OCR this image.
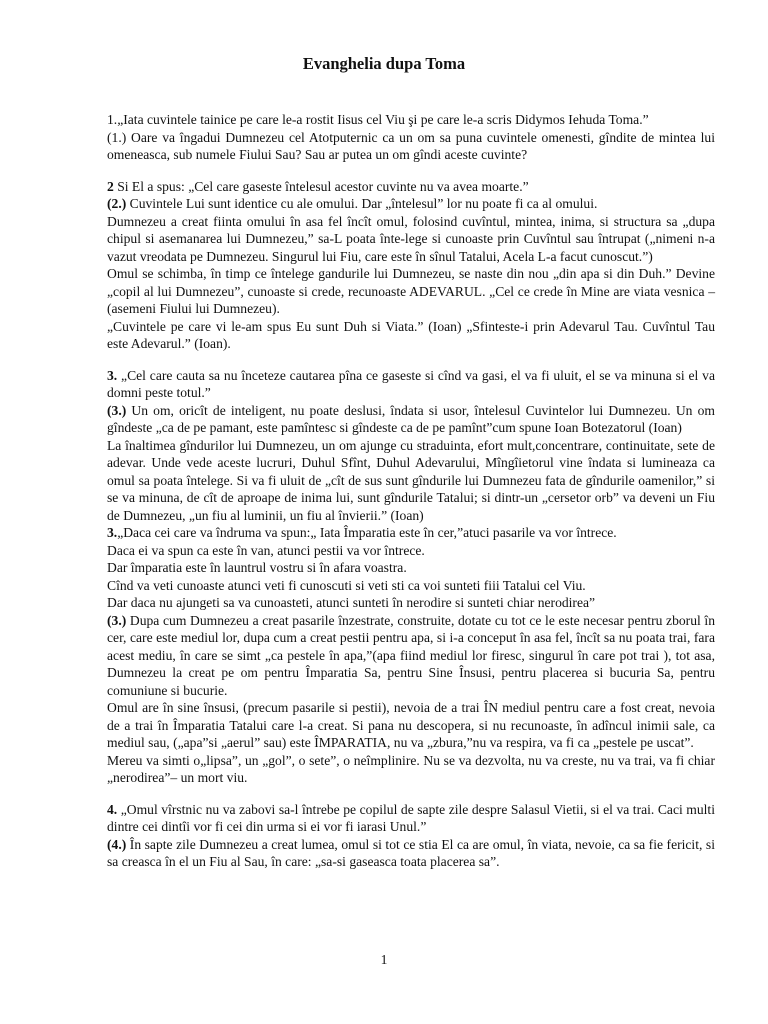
Evanghelia dupa Toma

1.„Iata cuvintele tainice pe care le-a rostit Iisus cel Viu şi pe care le-a scris Didymos Iehuda Toma.”

(1.) Oare va îngadui Dumnezeu cel Atotputernic ca un om sa puna cuvintele omenesti, gîndite de mintea lui omeneasca, sub numele Fiului Sau? Sau ar putea un om gîndi aceste cuvinte?

2 Si El a spus: „Cel care gaseste întelesul acestor cuvinte nu va avea moarte.”

(2.) Cuvintele Lui sunt identice cu ale omului. Dar „întelesul” lor nu poate fi ca al omului.

Dumnezeu a creat fiinta omului în asa fel încît omul, folosind cuvîntul, mintea, inima, si structura sa „dupa chipul si asemanarea lui Dumnezeu,” sa-L poata înte-lege si cunoaste prin Cuvîntul sau întrupat („nimeni n-a vazut vreodata pe Dumnezeu. Singurul lui Fiu, care este în sînul Tatalui, Acela L-a facut cunoscut.”)

Omul se schimba, în timp ce întelege gandurile lui Dumnezeu, se naste din nou „din apa si din Duh.” Devine „copil al lui Dumnezeu”, cunoaste si crede, recunoaste ADEVARUL. „Cel ce crede în Mine are viata vesnica –(asemeni Fiului lui Dumnezeu).

„Cuvintele pe care vi le-am spus Eu sunt Duh si Viata.” (Ioan) „Sfinteste-i prin Adevarul Tau. Cuvîntul Tau este Adevarul.” (Ioan).

3. „Cel care cauta sa nu înceteze cautarea pîna ce gaseste si cînd va gasi, el va fi uluit, el se va minuna si el va domni peste totul.”

(3.) Un om, oricît de inteligent, nu poate deslusi, îndata si usor, întelesul Cuvintelor lui Dumnezeu. Un om gîndeste „ca de pe pamant, este pamîntesc si gîndeste ca de pe pamînt”cum spune Ioan Botezatorul (Ioan)

La înaltimea gîndurilor lui Dumnezeu, un om ajunge cu straduinta, efort mult,concentrare, continuitate, sete de adevar. Unde vede aceste lucruri, Duhul Sfînt, Duhul Adevarului, Mîngîietorul vine îndata si lumineaza ca omul sa poata întelege. Si va fi uluit de „cît de sus sunt gîndurile lui Dumnezeu fata de gîndurile oamenilor,” si se va minuna, de cît de aproape de inima lui, sunt gîndurile Tatalui; si dintr-un „cersetor orb” va deveni un Fiu de Dumnezeu, „un fiu al luminii, un fiu al învierii.” (Ioan)

3.„Daca cei care va îndruma va spun:„ Iata Împaratia este în cer,”atuci pasarile va vor întrece.

Daca ei va spun ca este în van, atunci pestii va vor întrece.

Dar împaratia este în launtrul vostru si în afara voastra.

Cînd va veti cunoaste atunci veti fi cunoscuti si veti sti ca voi sunteti fiii Tatalui cel Viu.

Dar daca nu ajungeti sa va cunoasteti, atunci sunteti în nerodire si sunteti chiar nerodirea”

(3.) Dupa cum Dumnezeu a creat pasarile înzestrate, construite, dotate cu tot ce le este necesar pentru zborul în cer, care este mediul lor, dupa cum a creat pestii pentru apa, si i-a conceput în asa fel, încît sa nu poata trai, fara acest mediu, în care se simt „ca pestele în apa,”(apa fiind mediul lor firesc, singurul în care pot trai ), tot asa, Dumnezeu la creat pe om pentru Împaratia Sa, pentru Sine Însusi, pentru placerea si bucuria Sa, pentru comuniune si bucurie.

Omul are în sine însusi, (precum pasarile si pestii), nevoia de a trai ÎN mediul pentru care a fost creat, nevoia de a trai în Împaratia Tatalui care l-a creat. Si pana nu descopera, si nu recunoaste, în adîncul inimii sale, ca mediul sau, („apa”si „aerul” sau) este ÎMPARATIA, nu va „zbura,”nu va respira, va fi ca „pestele pe uscat”.

Mereu va simti o„lipsa”, un „gol”, o sete”, o neîmplinire. Nu se va dezvolta, nu va creste, nu va trai, va fi chiar „nerodirea”– un mort viu.

4. „Omul vîrstnic nu va zabovi sa-l întrebe pe copilul de sapte zile despre Salasul Vietii, si el va trai. Caci multi dintre cei dintîi vor fi cei din urma si ei vor fi iarasi Unul.”

(4.) În sapte zile Dumnezeu a creat lumea, omul si tot ce stia El ca are omul, în viata, nevoie, ca sa fie fericit, si sa creasca în el un Fiu al Sau, în care: „sa-si gaseasca toata placerea sa”.

1
